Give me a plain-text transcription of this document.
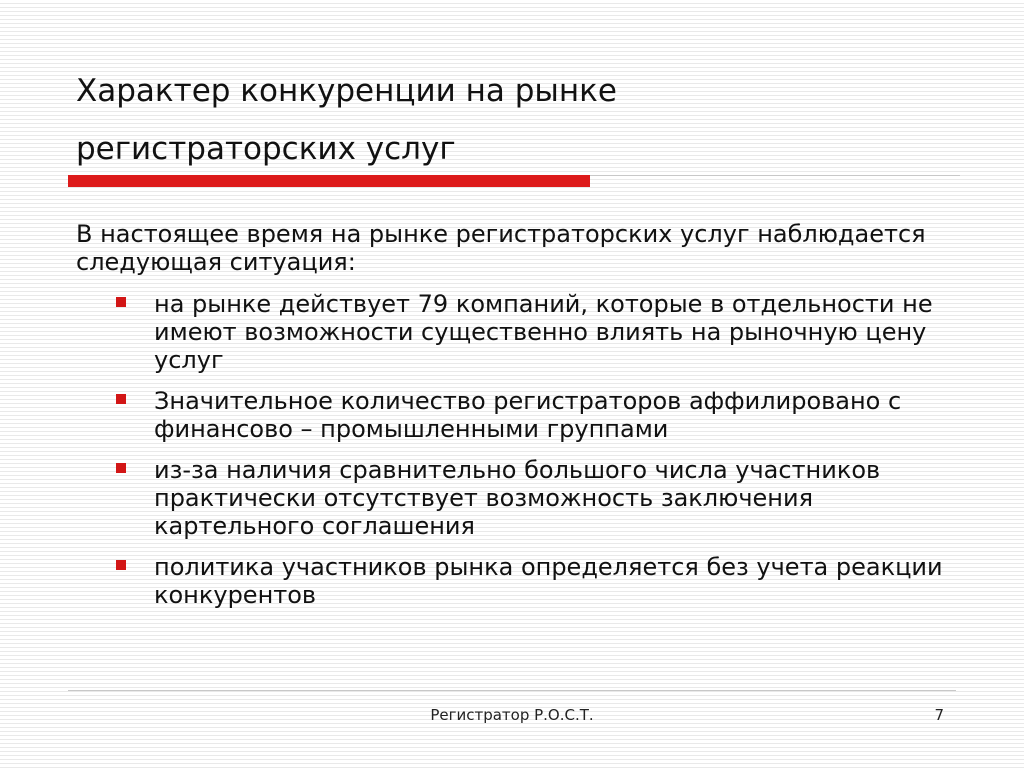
Характер конкуренции на рынке
регистраторских услуг
В настоящее время на рынке регистраторских услуг наблюдается следующая ситуация:
на рынке действует 79 компаний, которые в отдельности не имеют возможности существенно влиять на рыночную цену услуг
Значительное количество регистраторов аффилировано с финансово – промышленными группами
из-за наличия сравнительно большого числа участников практически отсутствует возможность заключения картельного соглашения
политика участников рынка определяется без учета реакции конкурентов
Регистратор Р.О.С.Т.	7
